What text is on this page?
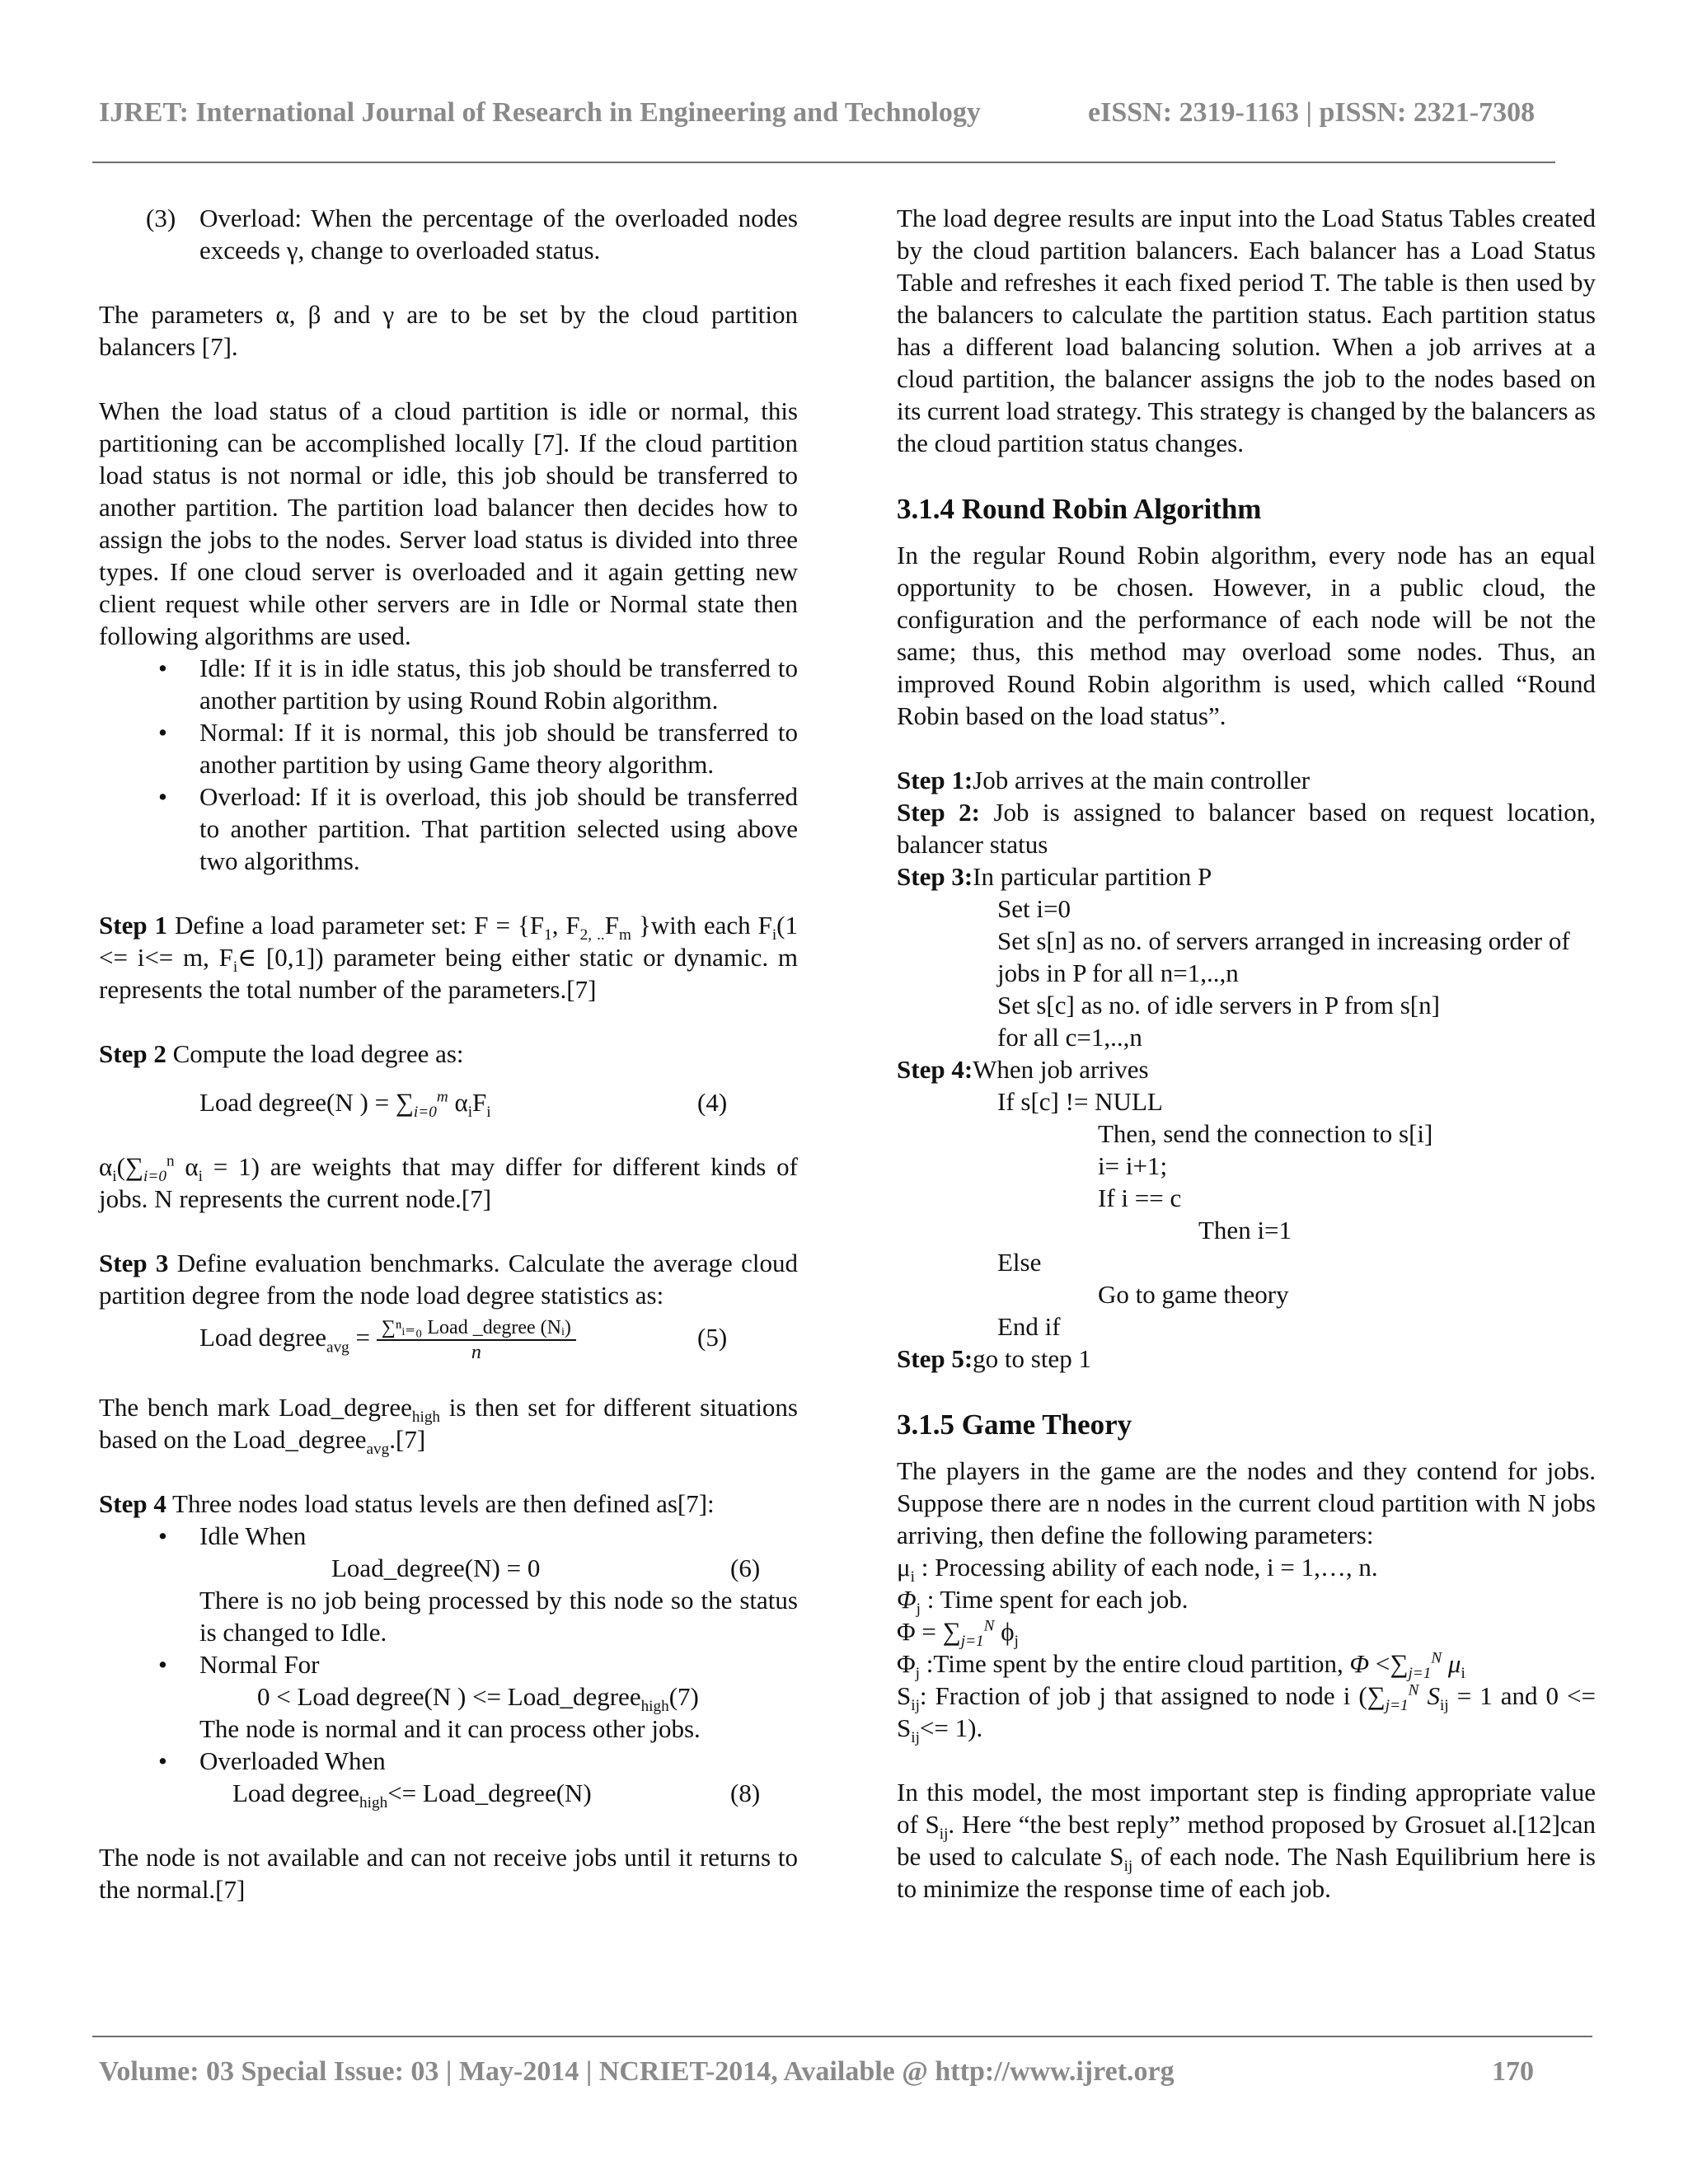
IJRET: International Journal of Research in Engineering and Technology	eISSN: 2319-1163 | pISSN: 2321-7308

(3) Overload: When the percentage of the overloaded nodes exceeds γ, change to overloaded status.

The parameters α, β and γ are to be set by the cloud partition balancers [7].

When the load status of a cloud partition is idle or normal, this partitioning can be accomplished locally [7]. If the cloud partition load status is not normal or idle, this job should be transferred to another partition. The partition load balancer then decides how to assign the jobs to the nodes. Server load status is divided into three types. If one cloud server is overloaded and it again getting new client request while other servers are in Idle or Normal state then following algorithms are used.

• Idle: If it is in idle status, this job should be transferred to another partition by using Round Robin algorithm.
• Normal: If it is normal, this job should be transferred to another partition by using Game theory algorithm.
• Overload: If it is overload, this job should be transferred to another partition. That partition selected using above two algorithms.

Step 1 Define a load parameter set: $F = \{F_1$, $F_{2, ..}F_m$ }with each $F_i(1 <= i<= m$, $F_i\in$ [0,1]) parameter being either static or dynamic. m represents the total number of the parameters.[7]

Step 2 Compute the load degree as:

Load degree(N ) = $\sum_{i=0}^m$ $\alpha_iF_i$	(4)

$\alpha_i(\sum_{i=0}^n$ $\alpha_i = 1$) are weights that may differ for different kinds of jobs. N represents the current node.[7]

Step 3 Define evaluation benchmarks. Calculate the average cloud partition degree from the node load degree statistics as:

Load degree$_{avg}$ = $\frac{\text{∑ⁿᵢ₌₀ Load \_degree (Nᵢ)}}{n}$	(5)

The bench mark Load_degree$_{high}$ is then set for different situations based on the Load_degree$_{avg}$.[7]

Step 4 Three nodes load status levels are then defined as[7]:

• Idle When
Load_degree(N) = 0	(6)

There is no job being processed by this node so the status is changed to Idle.

• Normal For
0 < Load degree(N ) <= Load_degree$_{high}$(7)

The node is normal and it can process other jobs.

• Overloaded When
Load degree$_{high}$<= Load_degree(N)	(8)

The node is not available and can not receive jobs until it returns to the normal.[7]

The load degree results are input into the Load Status Tables created by the cloud partition balancers. Each balancer has a Load Status Table and refreshes it each fixed period T. The table is then used by the balancers to calculate the partition status. Each partition status has a different load balancing solution. When a job arrives at a cloud partition, the balancer assigns the job to the nodes based on its current load strategy. This strategy is changed by the balancers as the cloud partition status changes.

3.1.4 Round Robin Algorithm

In the regular Round Robin algorithm, every node has an equal opportunity to be chosen. However, in a public cloud, the configuration and the performance of each node will be not the same; thus, this method may overload some nodes. Thus, an improved Round Robin algorithm is used, which called “Round Robin based on the load status”.

Step 1:Job arrives at the main controller

Step 2: Job is assigned to balancer based on request location, balancer status

Step 3:In particular partition P

Set i=0

Set s[n] as no. of servers arranged in increasing order of jobs in P for all n=1,..,n

Set s[c] as no. of idle servers in P from s[n]

for all c=1,..,n

Step 4:When job arrives

If s[c] != NULL

Then, send the connection to s[i]

i= i+1;

If i == c

Then i=1

Else

Go to game theory

End if

Step 5:go to step 1

3.1.5 Game Theory

The players in the game are the nodes and they contend for jobs. Suppose there are n nodes in the current cloud partition with N jobs arriving, then define the following parameters:

$\mu_i$ : Processing ability of each node, i = 1,…, n.

$\Phi_j$ : Time spent for each job.

$\Phi = \sum_{j=1}^N$ $\phi_j$

$\Phi_j$ :Time spent by the entire cloud partition, $\Phi <\sum_{j=1}^N$ $\mu_i$

$S_{ij}$: Fraction of job j that assigned to node i ($\sum_{j=1}^N$ $S_{ij} = 1$ and $0 <= S_{ij}<= 1$).

In this model, the most important step is finding appropriate value of $S_{ij}$. Here “the best reply” method proposed by Grosuet al.[12]can be used to calculate $S_{ij}$ of each node. The Nash Equilibrium here is to minimize the response time of each job.

Volume: 03 Special Issue: 03 | May-2014 | NCRIET-2014, Available @ http://www.ijret.org	170
